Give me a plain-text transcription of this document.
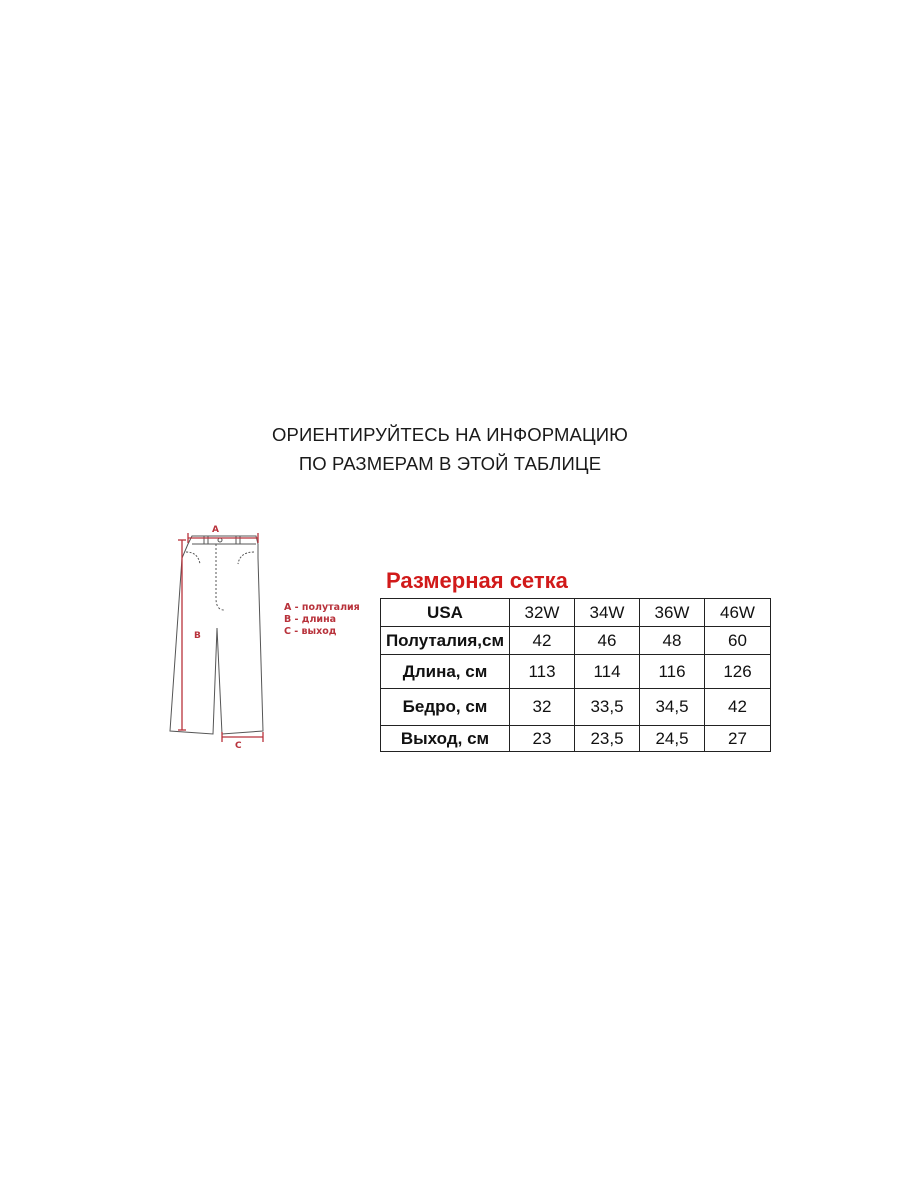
ОРИЕНТИРУЙТЕСЬ НА ИНФОРМАЦИЮ
ПО РАЗМЕРАМ В ЭТОЙ ТАБЛИЦЕ
A
B
C
A - полуталия
B - длина
C - выход
Размерная сетка
USA	32W	34W	36W	46W
Полуталия,см	42	46	48	60
Длина, см	113	114	116	126
Бедро, см	32	33,5	34,5	42
Выход, см	23	23,5	24,5	27
